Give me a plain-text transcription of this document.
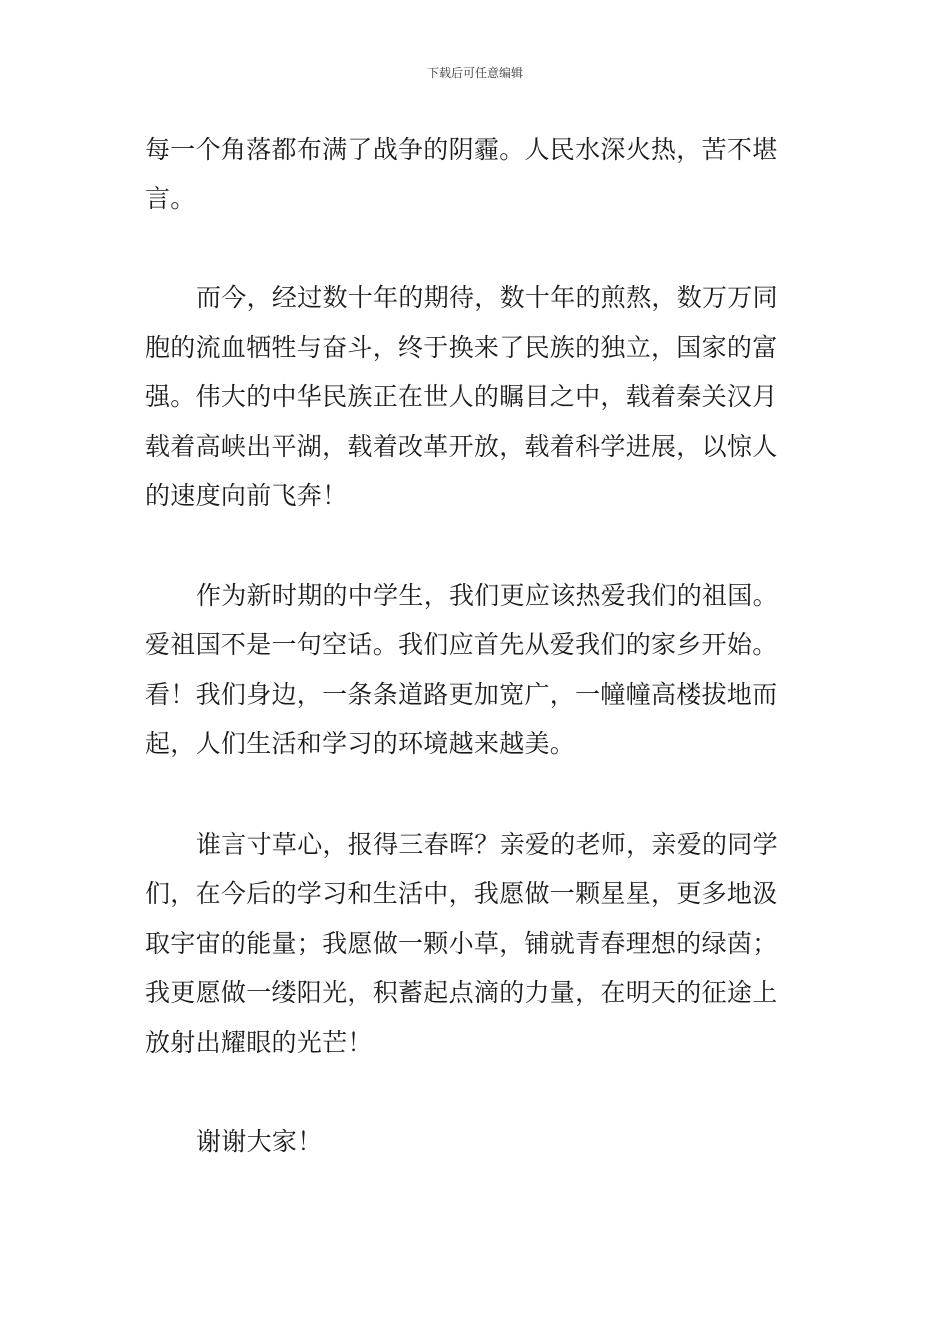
下载后可任意编辑
每一个角落都布满了战争的阴霾。人民水深火热，苦不堪
言。
而今，经过数十年的期待，数十年的煎熬，数万万同
胞的流血牺牲与奋斗，终于换来了民族的独立，国家的富
强。伟大的中华民族正在世人的瞩目之中，载着秦关汉月
载着高峡出平湖，载着改革开放，载着科学进展，以惊人
的速度向前飞奔！
作为新时期的中学生，我们更应该热爱我们的祖国。
爱祖国不是一句空话。我们应首先从爱我们的家乡开始。
看！我们身边，一条条道路更加宽广，一幢幢高楼拔地而
起，人们生活和学习的环境越来越美。
谁言寸草心，报得三春晖？亲爱的老师，亲爱的同学
们，在今后的学习和生活中，我愿做一颗星星，更多地汲
取宇宙的能量；我愿做一颗小草，铺就青春理想的绿茵；
我更愿做一缕阳光，积蓄起点滴的力量，在明天的征途上
放射出耀眼的光芒！
谢谢大家！
